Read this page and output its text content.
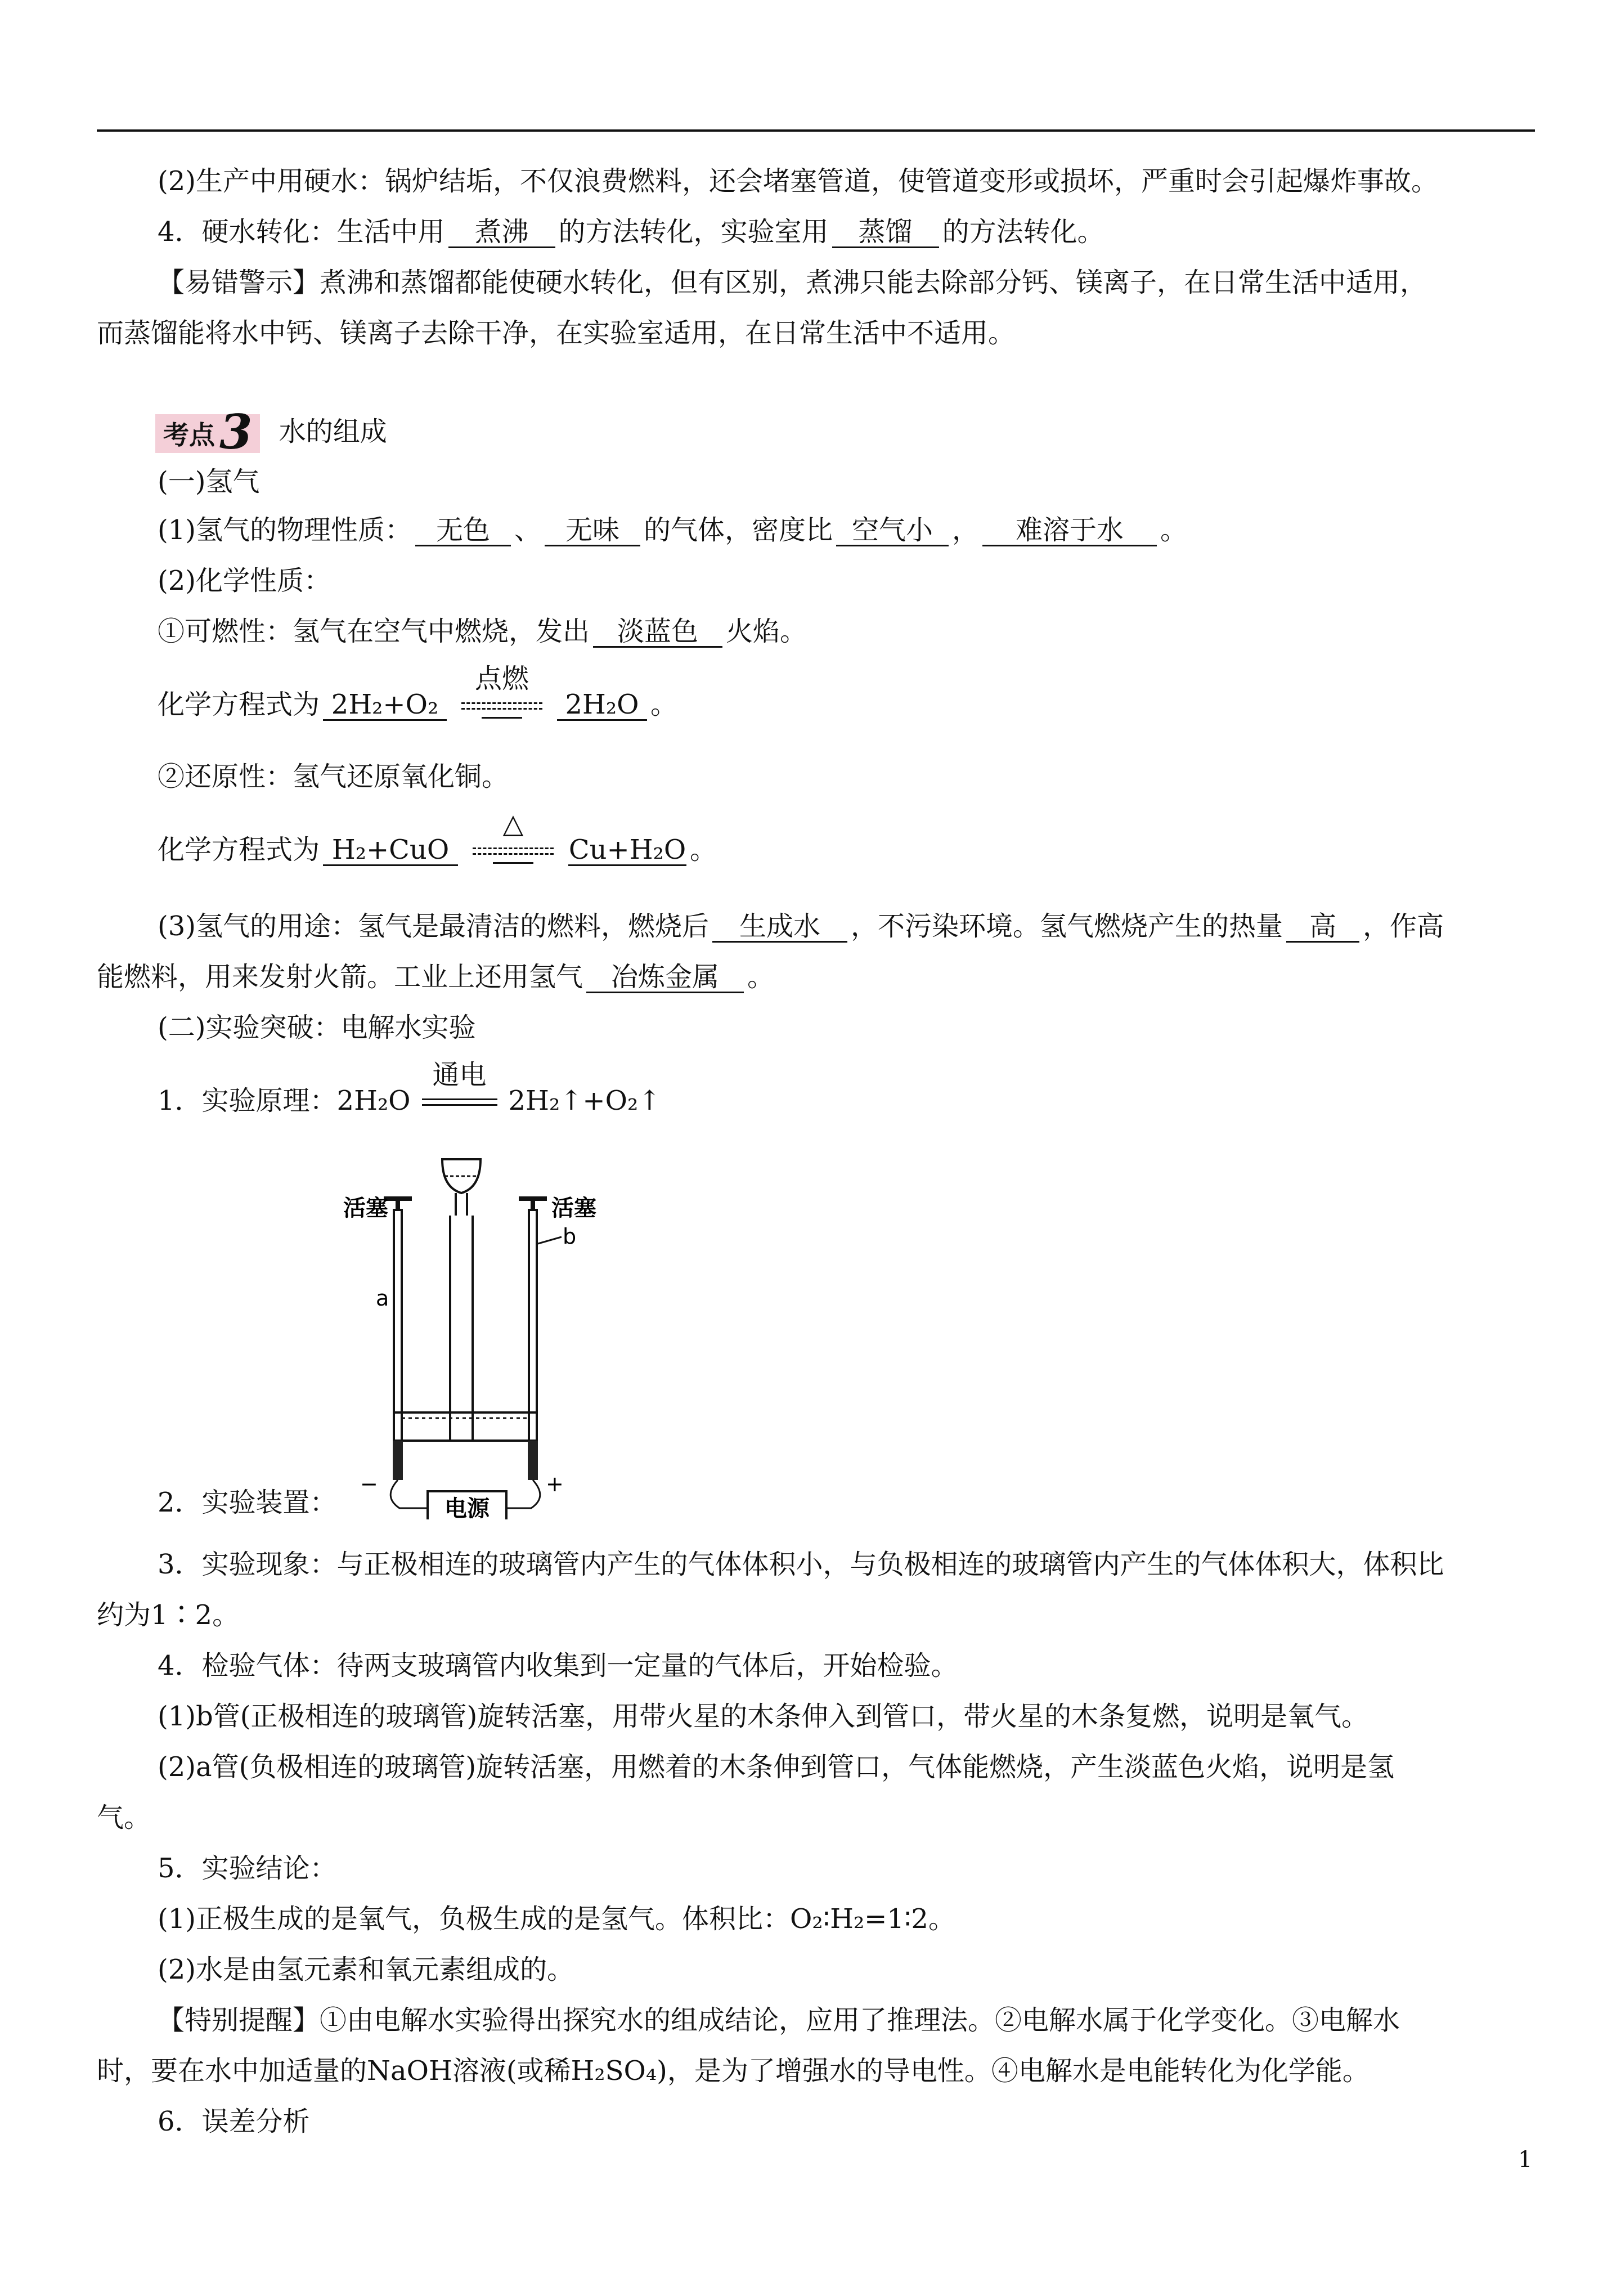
(2)生产中用硬水：锅炉结垢，不仅浪费燃料，还会堵塞管道，使管道变形或损坏，严重时会引起爆炸事故。
4．硬水转化：生活中用 煮沸 的方法转化，实验室用 蒸馏 的方法转化。
【易错警示】煮沸和蒸馏都能使硬水转化，但有区别，煮沸只能去除部分钙、镁离子，在日常生活中适用，
而蒸馏能将水中钙、镁离子去除干净，在实验室适用，在日常生活中不适用。
考点3 水的组成
(一)氢气
(1)氢气的物理性质： 无色 、 无味 的气体，密度比 空气小 ， 难溶于水 。
(2)化学性质：
①可燃性：氢气在空气中燃烧，发出 淡蓝色 火焰。
化学方程式为 2H₂+O₂
点燃
2H₂O 。
②还原性：氢气还原氧化铜。
化学方程式为 H₂+CuO
△
Cu+H₂O 。
(3)氢气的用途：氢气是最清洁的燃料，燃烧后 生成水 ，不污染环境。氢气燃烧产生的热量 高 ，作高
能燃料，用来发射火箭。工业上还用氢气 冶炼金属 。
(二)实验突破：电解水实验
1．实验原理：2H₂O
通电
2H₂↑+O₂↑
活塞	活塞
b
a
−	+
电源
2．实验装置：
3．实验现象：与正极相连的玻璃管内产生的气体体积小，与负极相连的玻璃管内产生的气体体积大，体积比
约为1∶2。
4．检验气体：待两支玻璃管内收集到一定量的气体后，开始检验。
(1)b管(正极相连的玻璃管)旋转活塞，用带火星的木条伸入到管口，带火星的木条复燃，说明是氧气。
(2)a管(负极相连的玻璃管)旋转活塞，用燃着的木条伸到管口，气体能燃烧，产生淡蓝色火焰，说明是氢
气。
5．实验结论：
(1)正极生成的是氧气，负极生成的是氢气。体积比：O₂∶H₂=1∶2。
(2)水是由氢元素和氧元素组成的。
【特别提醒】①由电解水实验得出探究水的组成结论，应用了推理法。②电解水属于化学变化。③电解水
时，要在水中加适量的NaOH溶液(或稀H₂SO₄)，是为了增强水的导电性。④电解水是电能转化为化学能。
6．误差分析
1
